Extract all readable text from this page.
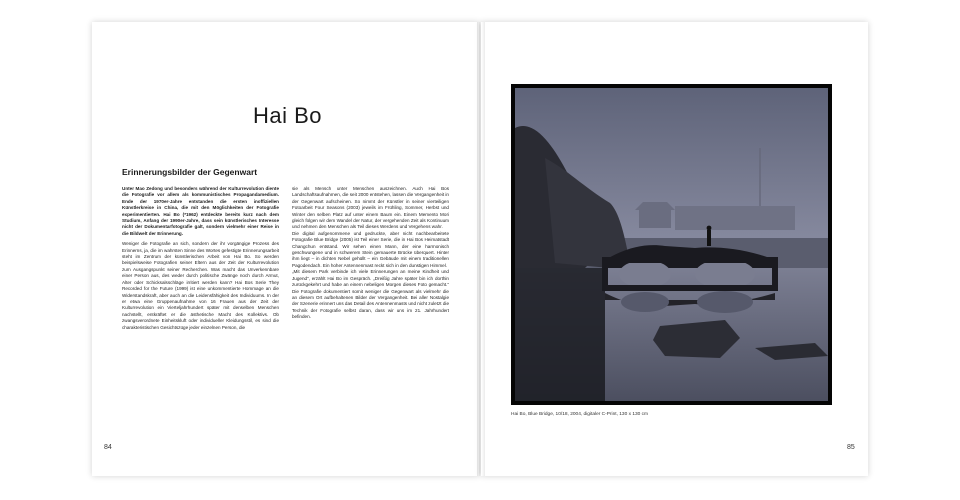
Hai Bo
Erinnerungsbilder der Gegenwart

Unter Mao Zedong und besonders während der Kulturrevolution diente die Fotografie vor allem als kommunistisches Propagandamedium. Ende der 1970er-Jahre entstanden die ersten inoffiziellen Künstlerkreise in China, die mit den Möglichkeiten der Fotografie experimentierten. Hai Bo (*1962) entdeckte bereits kurz nach dem Studium, Anfang der 1990er-Jahre, dass sein künstlerisches Interesse nicht der Dokumentarfotografie galt, sondern vielmehr einer Reise in die Bildwelt der Erinnerung.

Weniger die Fotografie an sich, sondern der ihr vorgängige Prozess des Erinnerns, ja, die im wahrsten Sinne des Wortes gefestigte Erinnerungsarbeit steht im Zentrum der künstlerischen Arbeit von Hai Bo. So werden beispielsweise Fotografien seiner Eltern aus der Zeit der Kulturrevolution zum Ausgangspunkt seiner Recherchen. Was macht das Unverkennbare einer Person aus, des weder durch politische Zwänge noch durch Armut, Alter oder Schicksalsschläge irritiert werden kann? Hai Bos Serie They Recorded for the Future (1999) ist eine unkommentierte Hommage an die Widerstandskraft, aber auch an die Leidensfähigkeit des Individuums. In der er etwa eine Gruppenaufnahme von 16 Frauen aus der Zeit der Kulturrevolution ein Vierteljahrhundert später mit denselben Menschen nachstellt, entkräftet er die ästhetische Macht des Kollektivs. Ob zwangsverordnete Einheitskluft oder individueller Kleidungsstil, es sind die charakteristischen Gesichtszüge jeder einzelnen Person, die

sie als Mensch unter Menschen auszeichnen. Auch Hai Bos Landschaftsaufnahmen, die seit 2000 entstehen, lassen die Vergangenheit in der Gegenwart aufscheinen. So nimmt der Künstler in seiner vierteiligen Fotoarbeit Four Seasons (2003) jeweils im Frühling, Sommer, Herbst und Winter den selben Platz auf unter einem Baum ein. Einem Memento Mori gleich folgen wir dem Wandel der Natur, der vergehenden Zeit als Kontinuum und nehmen den Menschen als Teil dieses Werdens und Vergehens wahr.

Die digital aufgenommene und gedruckte, aber nicht nachbearbeitete Fotografie Blue Bridge (2005) ist Teil einer Serie, die in Hai Bos Heimatstadt Changchun entstand. Wir sehen einen Mann, der eine harmonisch geschwungene und in schwerem Stein gemauerte Brücke überquert. Hinter ihm liegt – in dichten Nebel gehüllt – ein Gebäude mit einem traditionellen Pagodendach. Ein hoher Antennenmast reckt sich in den dunstigen Himmel.

„Mit diesem Park verbinde ich viele Erinnerungen an meine Kindheit und Jugend“, erzählt Hai Bo im Gespräch. „Dreißig Jahre später bin ich dorthin zurückgekehrt und habe an einem nebeligen Morgen dieses Foto gemacht.“ Die Fotografie dokumentiert somit weniger die Gegenwart als vielmehr die an diesem Ort aufbehaltenen Bilder der Vergangenheit. Bei aller Nostalgie der Szenerie erinnert uns das Detail des Antennenmasts und nicht zuletzt die Technik der Fotografie selbst daran, dass wir uns im 21. Jahrhundert befinden.

84
Hai Bo, Blue Bridge, 10/18, 2004, digitaler C-Print, 130 x 130 cm
85
